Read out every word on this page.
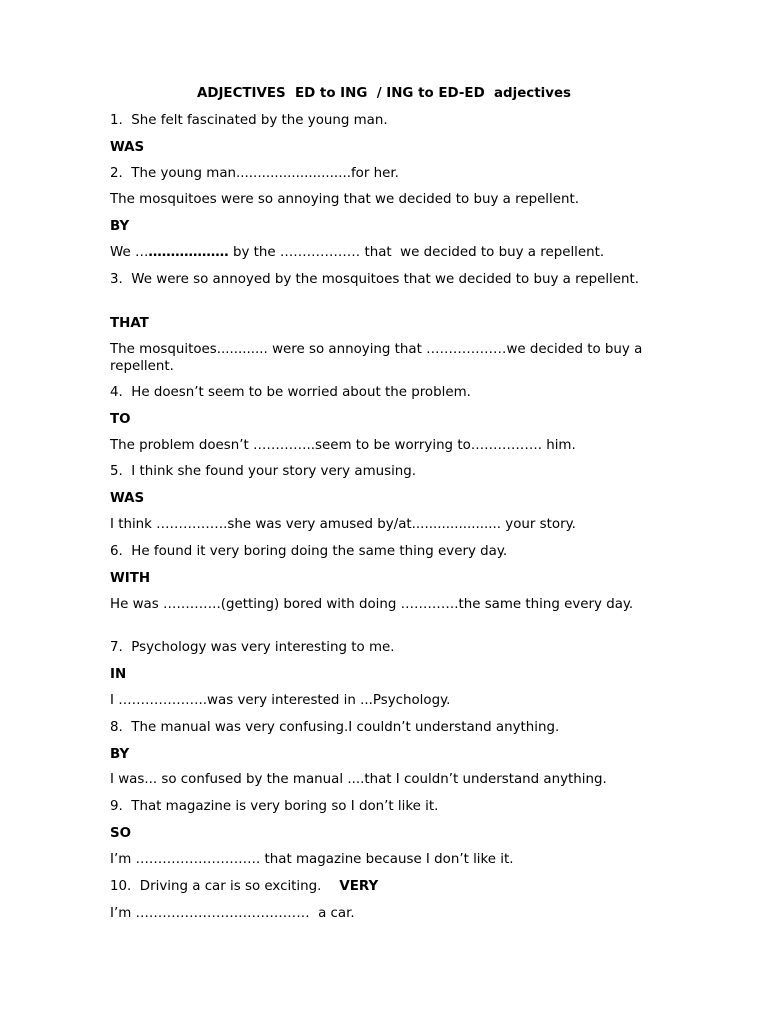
ADJECTIVES  ED to ING  / ING to ED-ED  adjectives
1.  She felt fascinated by the young man.
WAS
2.  The young man...........................for her.
The mosquitoes were so annoying that we decided to buy a repellent.
BY
We ………………… by the ……………… that  we decided to buy a repellent.
3.  We were so annoyed by the mosquitoes that we decided to buy a repellent.
THAT
The mosquitoes............ were so annoying that ………………we decided to buy a repellent.
4.  He doesn’t seem to be worried about the problem.
TO
The problem doesn’t …………..seem to be worrying to……………. him.
5.  I think she found your story very amusing.
WAS
I think …………….she was very amused by/at..................... your story.
6.  He found it very boring doing the same thing every day.
WITH
He was ………….(getting) bored with doing ………….the same thing every day.
7.  Psychology was very interesting to me.
IN
I ………………..was very interested in ...Psychology.
8.  The manual was very confusing.I couldn’t understand anything.
BY
I was... so confused by the manual ....that I couldn’t understand anything.
9.  That magazine is very boring so I don’t like it.
SO
I’m ………………………. that magazine because I don’t like it.
10.  Driving a car is so exciting. VERY
I’m …………………………………  a car.
